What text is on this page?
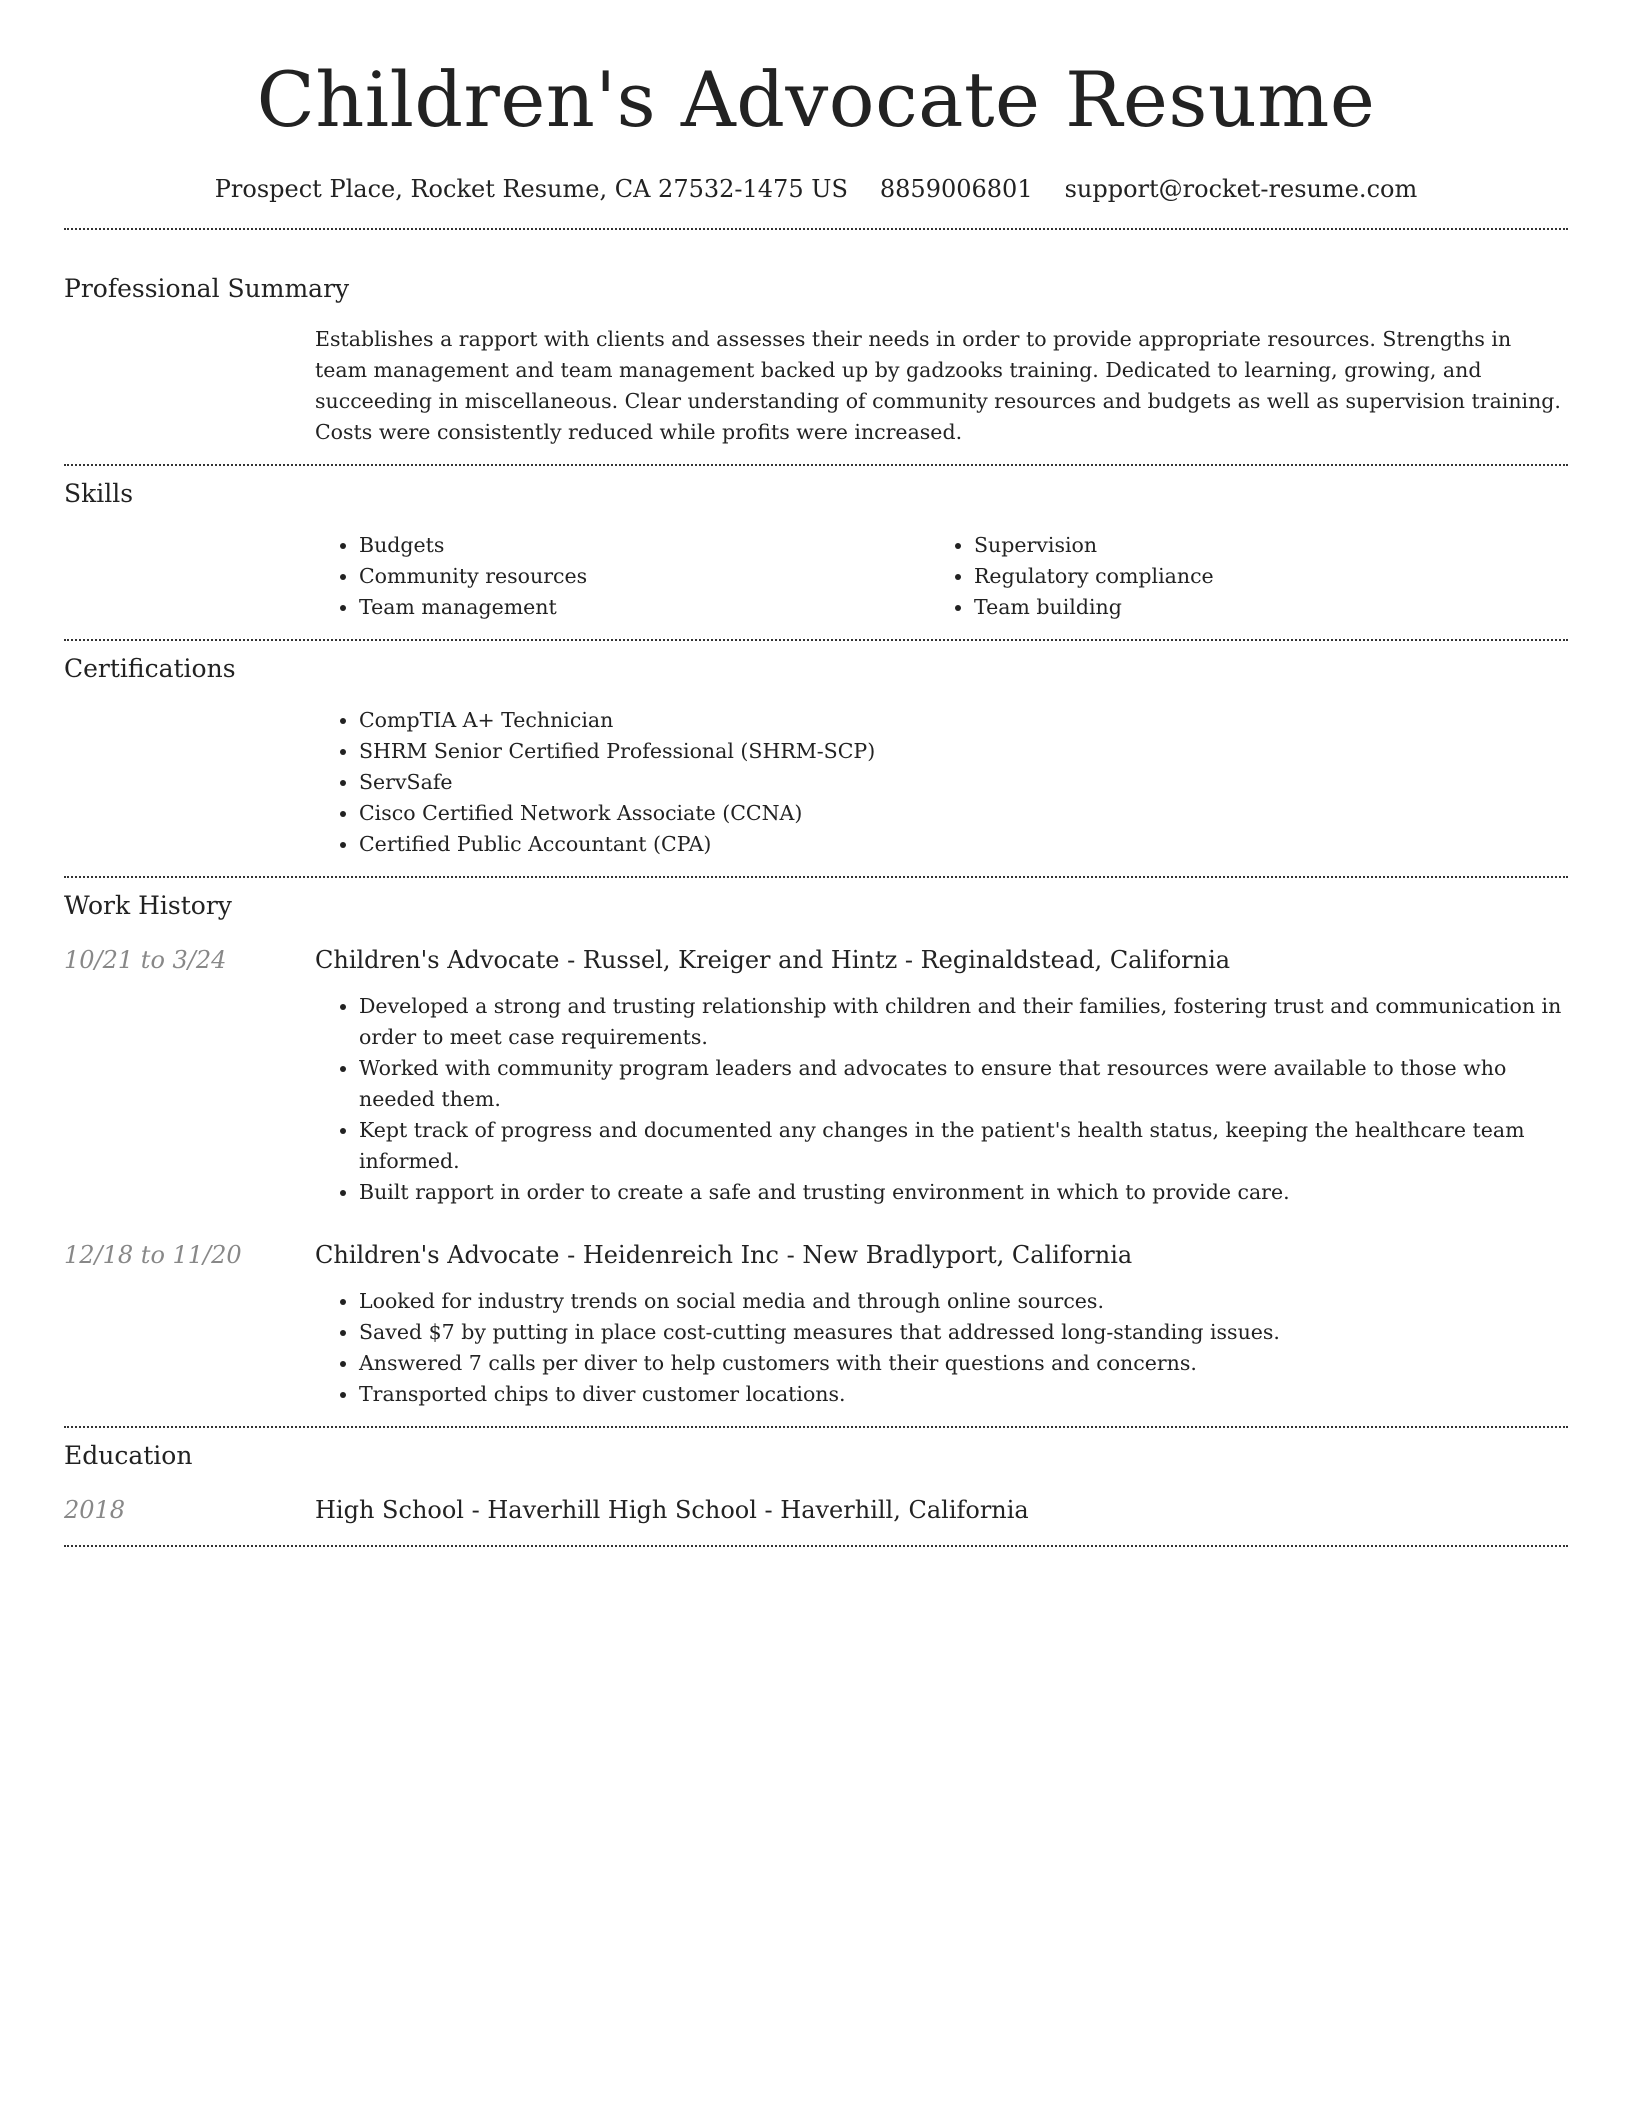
Children's Advocate Resume
Prospect Place, Rocket Resume, CA 27532-1475 US 8859006801 support@rocket-resume.com
Professional Summary

Establishes a rapport with clients and assesses their needs in order to provide appropriate resources. Strengths in team management and team management backed up by gadzooks training. Dedicated to learning, growing, and succeeding in miscellaneous. Clear understanding of community resources and budgets as well as supervision training. Costs were consistently reduced while profits were increased.

Skills
• Budgets
• Community resources
• Team management
• Supervision
• Regulatory compliance
• Team building
Certifications
• CompTIA A+ Technician
• SHRM Senior Certified Professional (SHRM-SCP)
• ServSafe
• Cisco Certified Network Associate (CCNA)
• Certified Public Accountant (CPA)
Work History
10/21 to 3/24	Children's Advocate - Russel, Kreiger and Hintz - Reginaldstead, California
• Developed a strong and trusting relationship with children and their families, fostering trust and communication in order to meet case requirements.
• Worked with community program leaders and advocates to ensure that resources were available to those who needed them.
• Kept track of progress and documented any changes in the patient's health status, keeping the healthcare team informed.
• Built rapport in order to create a safe and trusting environment in which to provide care.
12/18 to 11/20	Children's Advocate - Heidenreich Inc - New Bradlyport, California
• Looked for industry trends on social media and through online sources.
• Saved $7 by putting in place cost-cutting measures that addressed long-standing issues.
• Answered 7 calls per diver to help customers with their questions and concerns.
• Transported chips to diver customer locations.
Education
2018	High School - Haverhill High School - Haverhill, California
